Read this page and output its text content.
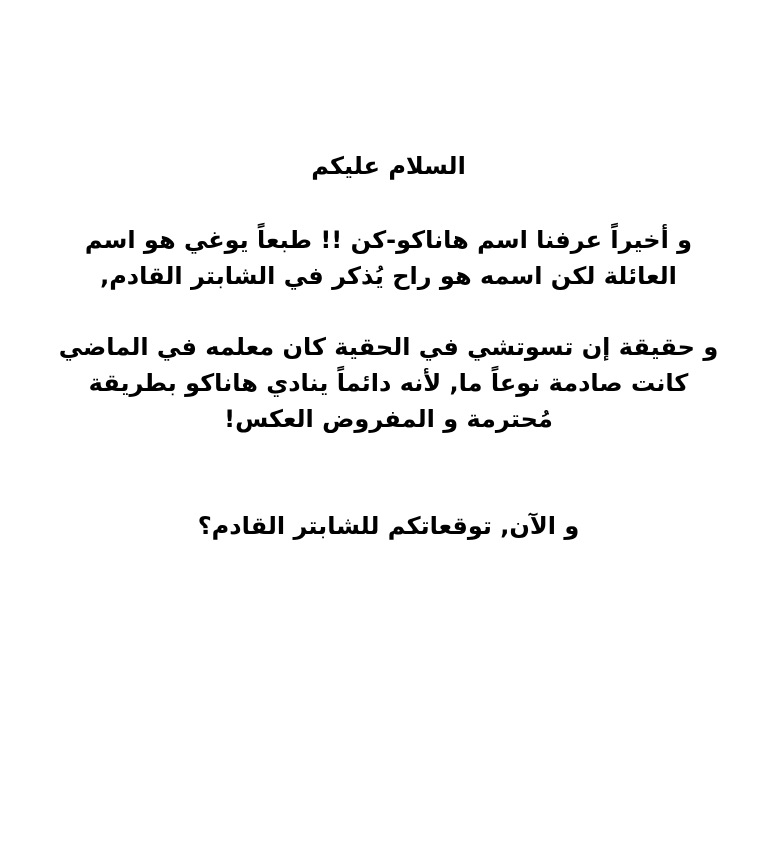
السلام عليكم
و أخيراً عرفنا اسم هاناكو-كن !! طبعاً يوغي هو اسم
العائلة لكن اسمه هو راح يُذكر في الشابتر القادم,
و حقيقة إن تسوتشي في الحقية كان معلمه في الماضي
كانت صادمة نوعاً ما, لأنه دائماً ينادي هاناكو بطريقة
مُحترمة و المفروض العكس!
و الآن, توقعاتكم للشابتر القادم؟
